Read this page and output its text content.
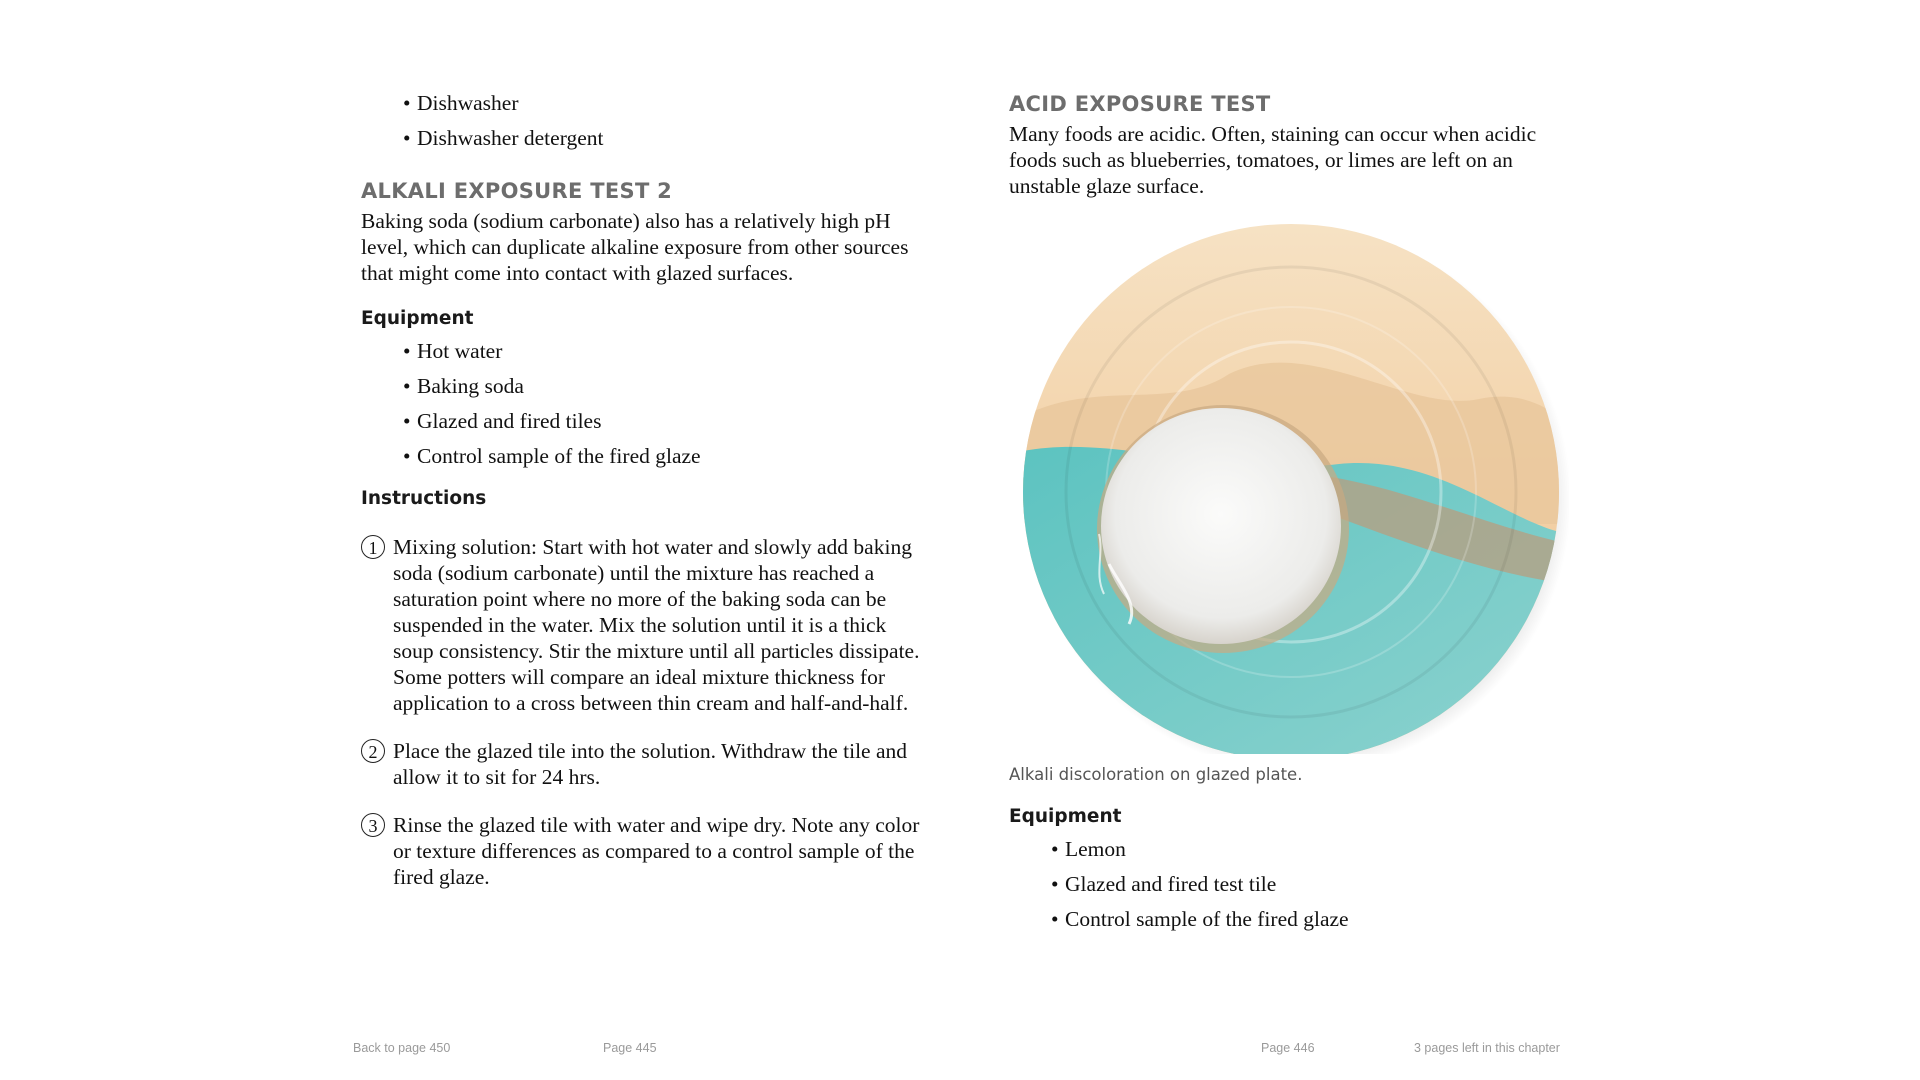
• Dishwasher
• Dishwasher detergent
ALKALI EXPOSURE TEST 2

Baking soda (sodium carbonate) also has a relatively high pH level, which can duplicate alkaline exposure from other sources that might come into contact with glazed surfaces.

Equipment
• Hot water
• Baking soda
• Glazed and fired tiles
• Control sample of the fired glaze
Instructions
1 Mixing solution: Start with hot water and slowly add baking soda (sodium carbonate) until the mixture has reached a saturation point where no more of the baking soda can be suspended in the water. Mix the solution until it is a thick soup consistency. Stir the mixture until all particles dissipate. Some potters will compare an ideal mixture thickness for application to a cross between thin cream and half-and-half.
2 Place the glazed tile into the solution. Withdraw the tile and allow it to sit for 24 hrs.
3 Rinse the glazed tile with water and wipe dry. Note any color or texture differences as compared to a control sample of the fired glaze.
ACID EXPOSURE TEST

Many foods are acidic. Often, staining can occur when acidic foods such as blueberries, tomatoes, or limes are left on an unstable glaze surface.

Alkali discoloration on glazed plate.

Equipment
• Lemon
• Glazed and fired test tile
• Control sample of the fired glaze
Back to page 450	Page 445	Page 446	3 pages left in this chapter
